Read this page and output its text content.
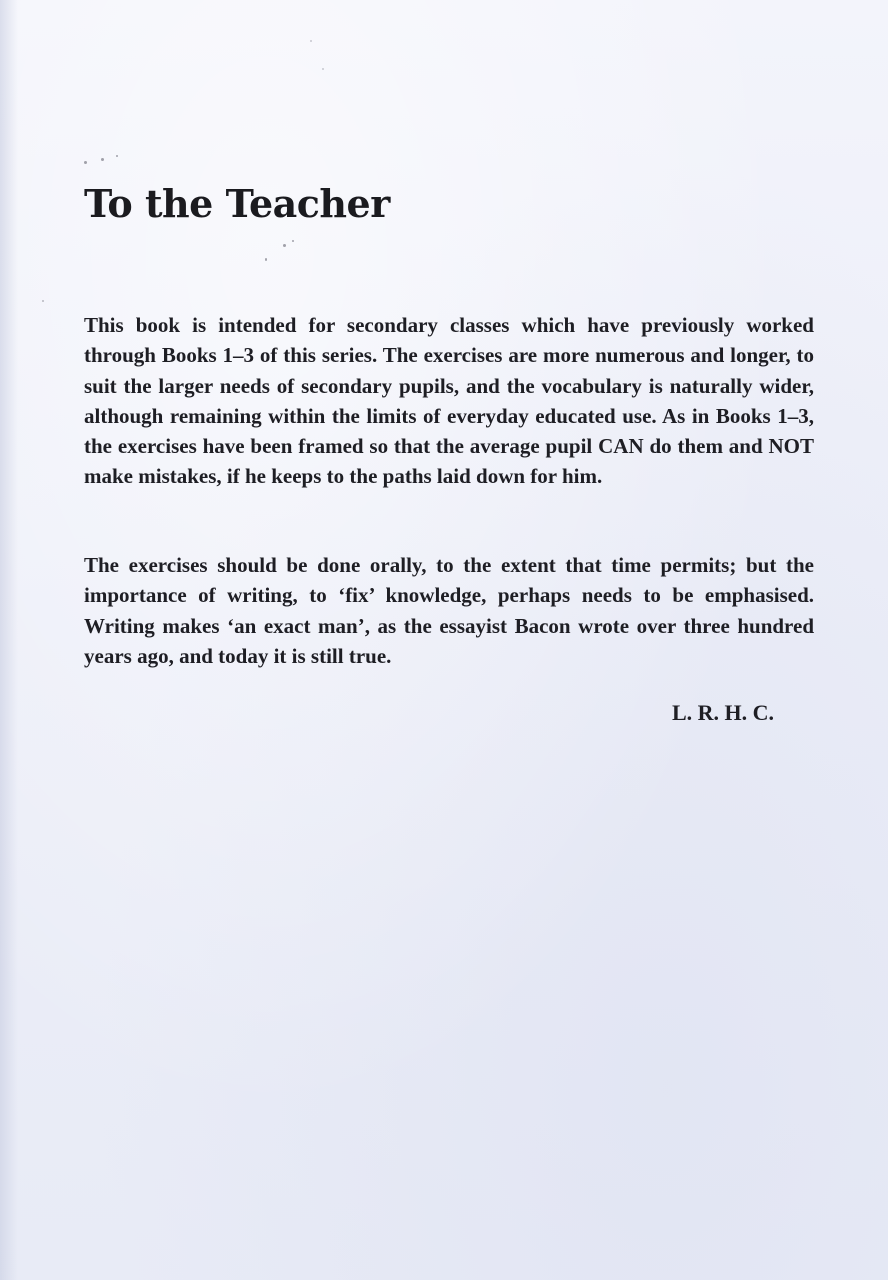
To the Teacher

This book is intended for secondary classes which have previously worked through Books 1–3 of this series. The exercises are more numerous and longer, to suit the larger needs of secondary pupils, and the vocabulary is naturally wider, although remaining within the limits of everyday educated use. As in Books 1–3, the exercises have been framed so that the average pupil CAN do them and NOT make mistakes, if he keeps to the paths laid down for him.

The exercises should be done orally, to the extent that time permits; but the importance of writing, to ‘fix’ knowledge, perhaps needs to be emphasised. Writing makes ‘an exact man’, as the essayist Bacon wrote over three hundred years ago, and today it is still true.

L. R. H. C.
